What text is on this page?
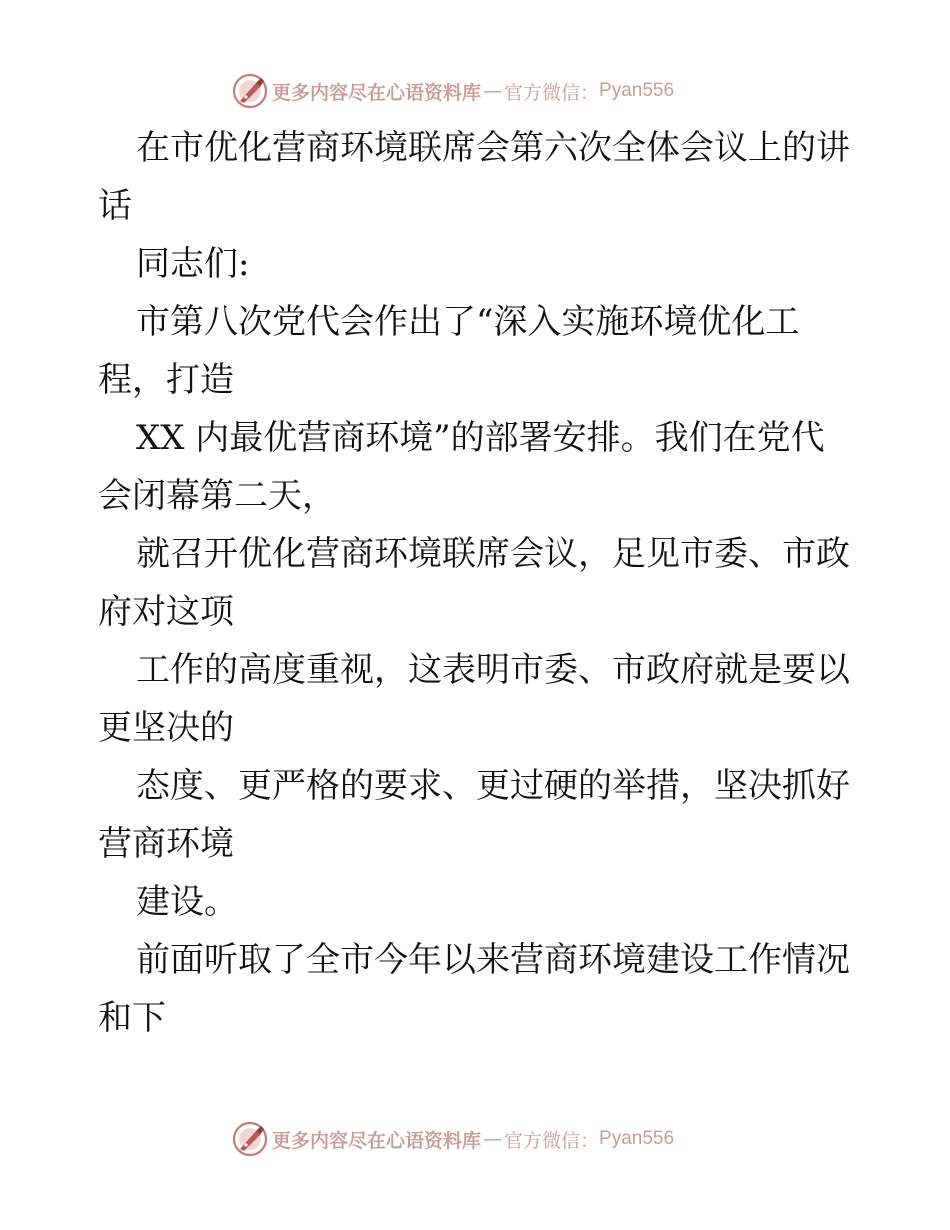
更多内容尽在心语资料库 — 官方微信： Pyan556
在市优化营商环境联席会第六次全体会议上的讲
话
同志们:
市第八次党代会作出了“深入实施环境优化工
程，打造
XX 内最优营商环境”的部署安排。我们在党代
会闭幕第二天，
就召开优化营商环境联席会议，足见市委、市政
府对这项
工作的高度重视，这表明市委、市政府就是要以
更坚决的
态度、更严格的要求、更过硬的举措，坚决抓好
营商环境
建设。
前面听取了全市今年以来营商环境建设工作情况
和下
更多内容尽在心语资料库 — 官方微信： Pyan556
